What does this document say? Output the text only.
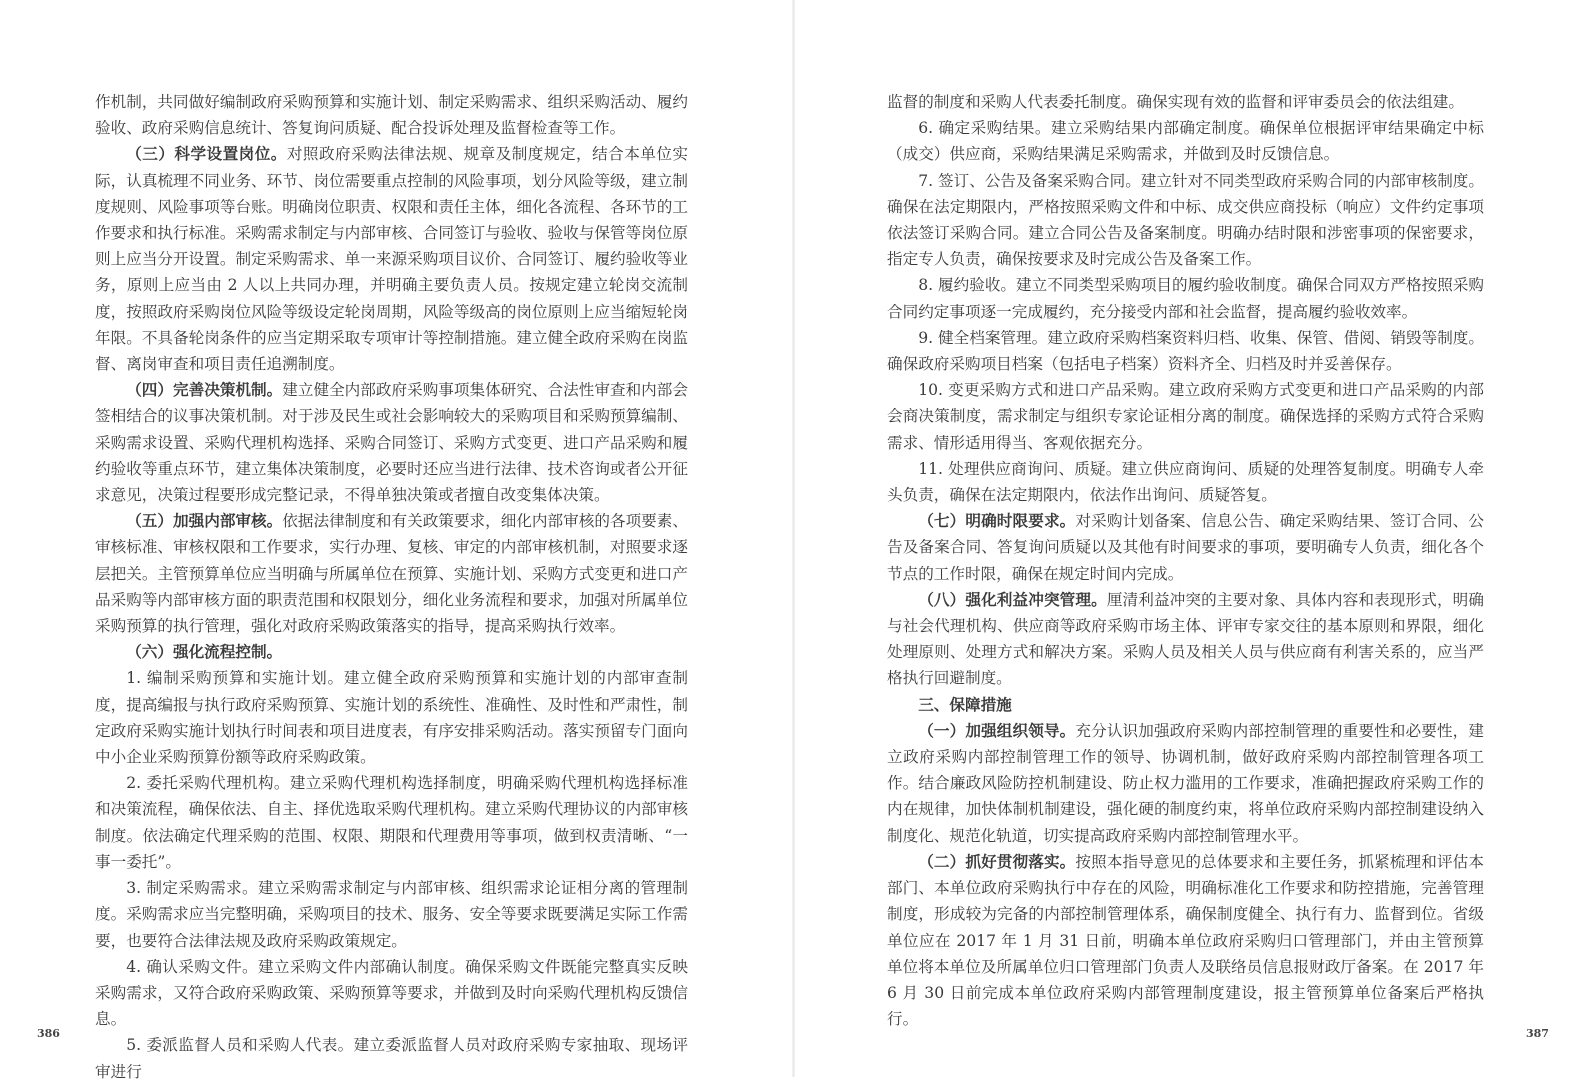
作机制，共同做好编制政府采购预算和实施计划、制定采购需求、组织采购活动、履约验收、政府采购信息统计、答复询问质疑、配合投诉处理及监督检查等工作。

（三）科学设置岗位。对照政府采购法律法规、规章及制度规定，结合本单位实际，认真梳理不同业务、环节、岗位需要重点控制的风险事项，划分风险等级，建立制度规则、风险事项等台账。明确岗位职责、权限和责任主体，细化各流程、各环节的工作要求和执行标准。采购需求制定与内部审核、合同签订与验收、验收与保管等岗位原则上应当分开设置。制定采购需求、单一来源采购项目议价、合同签订、履约验收等业务，原则上应当由 2 人以上共同办理，并明确主要负责人员。按规定建立轮岗交流制度，按照政府采购岗位风险等级设定轮岗周期，风险等级高的岗位原则上应当缩短轮岗年限。不具备轮岗条件的应当定期采取专项审计等控制措施。建立健全政府采购在岗监督、离岗审查和项目责任追溯制度。

（四）完善决策机制。建立健全内部政府采购事项集体研究、合法性审查和内部会签相结合的议事决策机制。对于涉及民生或社会影响较大的采购项目和采购预算编制、采购需求设置、采购代理机构选择、采购合同签订、采购方式变更、进口产品采购和履约验收等重点环节，建立集体决策制度，必要时还应当进行法律、技术咨询或者公开征求意见，决策过程要形成完整记录，不得单独决策或者擅自改变集体决策。

（五）加强内部审核。依据法律制度和有关政策要求，细化内部审核的各项要素、审核标准、审核权限和工作要求，实行办理、复核、审定的内部审核机制，对照要求逐层把关。主管预算单位应当明确与所属单位在预算、实施计划、采购方式变更和进口产品采购等内部审核方面的职责范围和权限划分，细化业务流程和要求，加强对所属单位采购预算的执行管理，强化对政府采购政策落实的指导，提高采购执行效率。

（六）强化流程控制。

1. 编制采购预算和实施计划。建立健全政府采购预算和实施计划的内部审查制度，提高编报与执行政府采购预算、实施计划的系统性、准确性、及时性和严肃性，制定政府采购实施计划执行时间表和项目进度表，有序安排采购活动。落实预留专门面向中小企业采购预算份额等政府采购政策。

2. 委托采购代理机构。建立采购代理机构选择制度，明确采购代理机构选择标准和决策流程，确保依法、自主、择优选取采购代理机构。建立采购代理协议的内部审核制度。依法确定代理采购的范围、权限、期限和代理费用等事项，做到权责清晰、“一事一委托”。

3. 制定采购需求。建立采购需求制定与内部审核、组织需求论证相分离的管理制度。采购需求应当完整明确，采购项目的技术、服务、安全等要求既要满足实际工作需要，也要符合法律法规及政府采购政策规定。

4. 确认采购文件。建立采购文件内部确认制度。确保采购文件既能完整真实反映采购需求，又符合政府采购政策、采购预算等要求，并做到及时向采购代理机构反馈信息。

5. 委派监督人员和采购人代表。建立委派监督人员对政府采购专家抽取、现场评审进行

386

监督的制度和采购人代表委托制度。确保实现有效的监督和评审委员会的依法组建。

6. 确定采购结果。建立采购结果内部确定制度。确保单位根据评审结果确定中标（成交）供应商，采购结果满足采购需求，并做到及时反馈信息。

7. 签订、公告及备案采购合同。建立针对不同类型政府采购合同的内部审核制度。确保在法定期限内，严格按照采购文件和中标、成交供应商投标（响应）文件约定事项依法签订采购合同。建立合同公告及备案制度。明确办结时限和涉密事项的保密要求，指定专人负责，确保按要求及时完成公告及备案工作。

8. 履约验收。建立不同类型采购项目的履约验收制度。确保合同双方严格按照采购合同约定事项逐一完成履约，充分接受内部和社会监督，提高履约验收效率。

9. 健全档案管理。建立政府采购档案资料归档、收集、保管、借阅、销毁等制度。确保政府采购项目档案（包括电子档案）资料齐全、归档及时并妥善保存。

10. 变更采购方式和进口产品采购。建立政府采购方式变更和进口产品采购的内部会商决策制度，需求制定与组织专家论证相分离的制度。确保选择的采购方式符合采购需求、情形适用得当、客观依据充分。

11. 处理供应商询问、质疑。建立供应商询问、质疑的处理答复制度。明确专人牵头负责，确保在法定期限内，依法作出询问、质疑答复。

（七）明确时限要求。对采购计划备案、信息公告、确定采购结果、签订合同、公告及备案合同、答复询问质疑以及其他有时间要求的事项，要明确专人负责，细化各个节点的工作时限，确保在规定时间内完成。

（八）强化利益冲突管理。厘清利益冲突的主要对象、具体内容和表现形式，明确与社会代理机构、供应商等政府采购市场主体、评审专家交往的基本原则和界限，细化处理原则、处理方式和解决方案。采购人员及相关人员与供应商有利害关系的，应当严格执行回避制度。

三、保障措施

（一）加强组织领导。充分认识加强政府采购内部控制管理的重要性和必要性，建立政府采购内部控制管理工作的领导、协调机制，做好政府采购内部控制管理各项工作。结合廉政风险防控机制建设、防止权力滥用的工作要求，准确把握政府采购工作的内在规律，加快体制机制建设，强化硬的制度约束，将单位政府采购内部控制建设纳入制度化、规范化轨道，切实提高政府采购内部控制管理水平。

（二）抓好贯彻落实。按照本指导意见的总体要求和主要任务，抓紧梳理和评估本部门、本单位政府采购执行中存在的风险，明确标准化工作要求和防控措施，完善管理制度，形成较为完备的内部控制管理体系，确保制度健全、执行有力、监督到位。省级单位应在 2017 年 1 月 31 日前，明确本单位政府采购归口管理部门，并由主管预算单位将本单位及所属单位归口管理部门负责人及联络员信息报财政厅备案。在 2017 年 6 月 30 日前完成本单位政府采购内部管理制度建设，报主管预算单位备案后严格执行。

387
